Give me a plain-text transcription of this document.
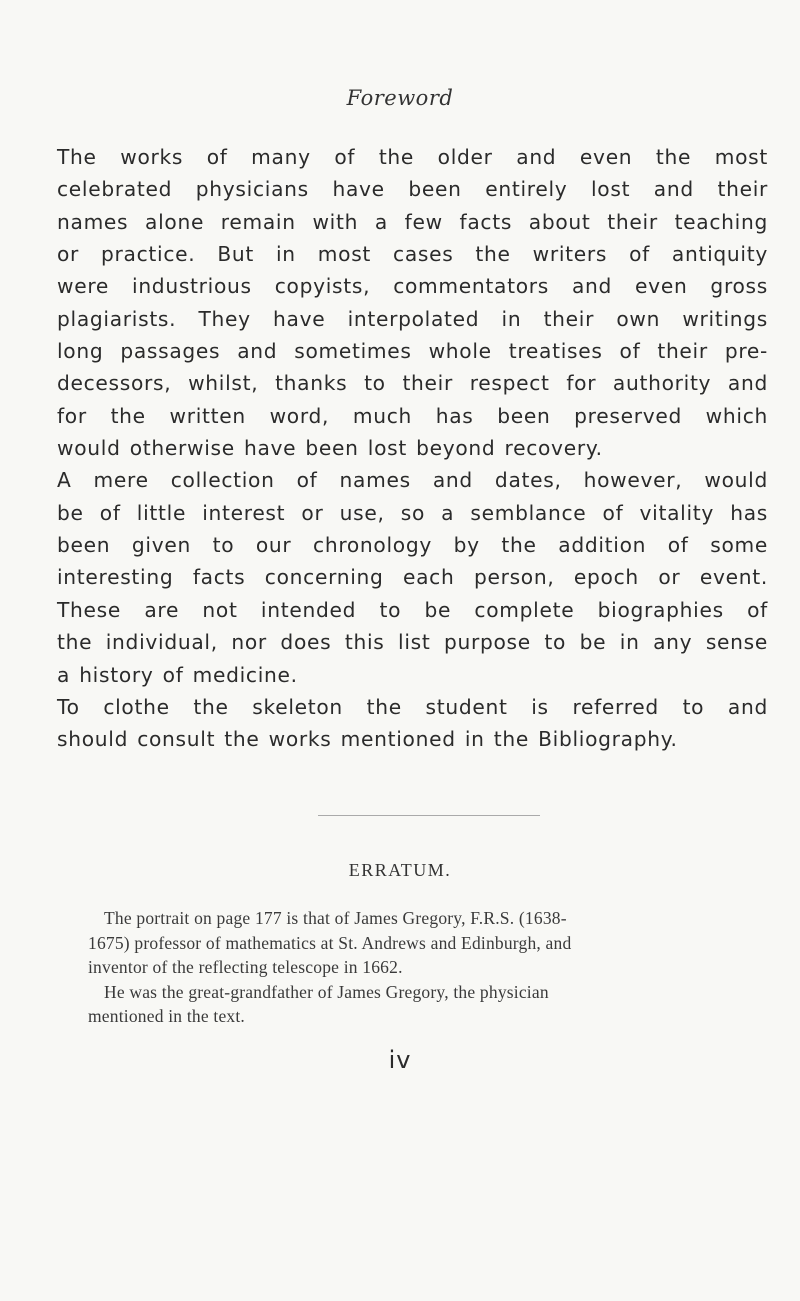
Foreword
The works of many of the older and even the most
celebrated physicians have been entirely lost and their
names alone remain with a few facts about their teaching
or practice. But in most cases the writers of antiquity
were industrious copyists, commentators and even gross
plagiarists. They have interpolated in their own writings
long passages and sometimes whole treatises of their pre-
decessors, whilst, thanks to their respect for authority and
for the written word, much has been preserved which
would otherwise have been lost beyond recovery.
A mere collection of names and dates, however, would
be of little interest or use, so a semblance of vitality has
been given to our chronology by the addition of some
interesting facts concerning each person, epoch or event.
These are not intended to be complete biographies of
the individual, nor does this list purpose to be in any sense
a history of medicine.
To clothe the skeleton the student is referred to and
should consult the works mentioned in the Bibliography.
ERRATUM.
The portrait on page 177 is that of James Gregory, F.R.S. (1638-
1675) professor of mathematics at St. Andrews and Edinburgh, and
inventor of the reflecting telescope in 1662.
He was the great-grandfather of James Gregory, the physician
mentioned in the text.
iv
